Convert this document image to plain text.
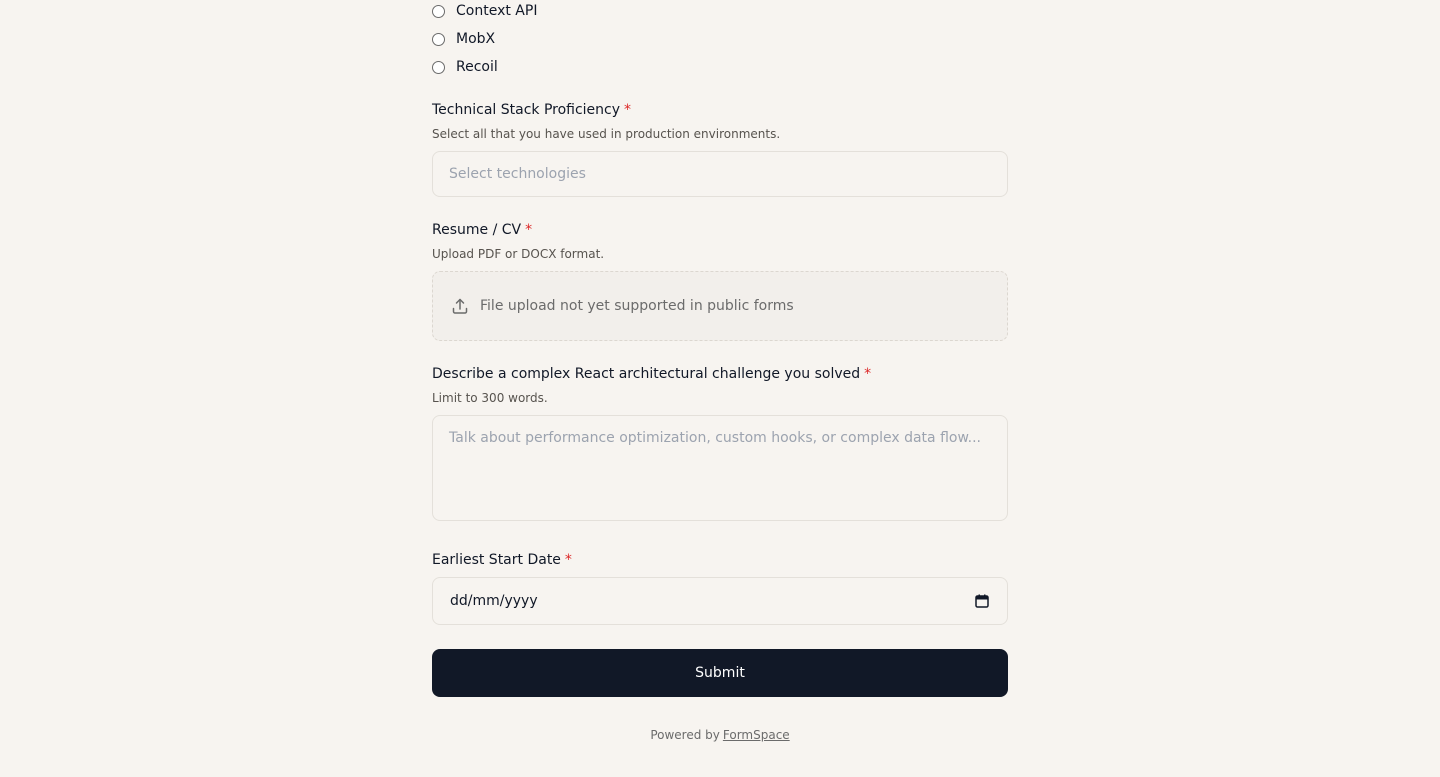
Context API
MobX
Recoil
Technical Stack Proficiency *
Select all that you have used in production environments.
Select technologies
Resume / CV *
Upload PDF or DOCX format.
File upload not yet supported in public forms
Describe a complex React architectural challenge you solved *
Limit to 300 words.
Talk about performance optimization, custom hooks, or complex data flow...
Earliest Start Date *
dd/mm/yyyy
Submit
Powered by FormSpace
